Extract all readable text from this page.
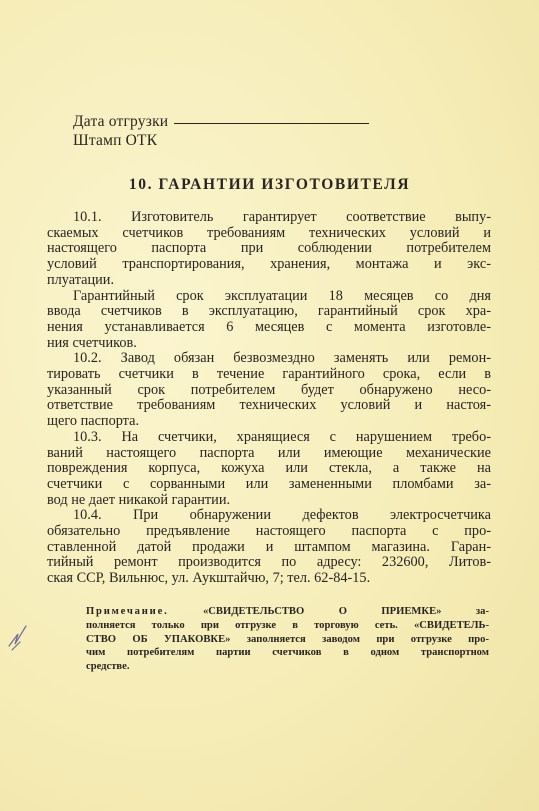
Дата отгрузки
Штамп ОТК
10. ГАРАНТИИ ИЗГОТОВИТЕЛЯ
10.1. Изготовитель гарантирует соответствие выпу-
скаемых счетчиков требованиям технических условий и
настоящего паспорта при соблюдении потребителем
условий транспортирования, хранения, монтажа и экс-
плуатации.
Гарантийный срок эксплуатации 18 месяцев со дня
ввода счетчиков в эксплуатацию, гарантийный срок хра-
нения устанавливается 6 месяцев с момента изготовле-
ния счетчиков.
10.2. Завод обязан безвозмездно заменять или ремон-
тировать счетчики в течение гарантийного срока, если в
указанный срок потребителем будет обнаружено несо-
ответствие требованиям технических условий и настоя-
щего паспорта.
10.3. На счетчики, хранящиеся с нарушением требо-
ваний настоящего паспорта или имеющие механические
повреждения корпуса, кожуха или стекла, а также на
счетчики с сорванными или замененными пломбами за-
вод не дает никакой гарантии.
10.4. При обнаружении дефектов электросчетчика
обязательно предъявление настоящего паспорта с про-
ставленной датой продажи и штампом магазина. Гаран-
тийный ремонт производится по адресу: 232600, Литов-
ская ССР, Вильнюс, ул. Аукштайчю, 7; тел. 62-84-15.
Примечание.	«СВИДЕТЕЛЬСТВО О ПРИЕМКЕ» за-
полняется только при отгрузке в торговую сеть. «СВИДЕТЕЛЬ-
СТВО ОБ УПАКОВКЕ» заполняется заводом при отгрузке про-
чим потребителям партии счетчиков в одном транспортном
средстве.
